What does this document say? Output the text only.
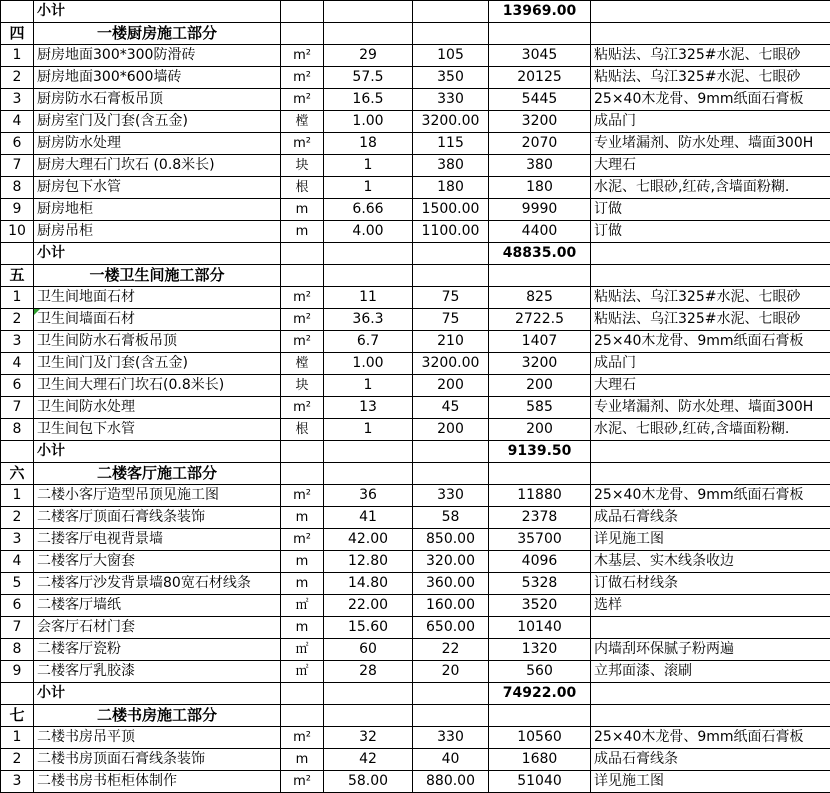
	小计				13969.00	
四	一楼厨房施工部分					
1	厨房地面300*300防滑砖	m²	29	105	3045	粘贴法、乌江325#水泥、七眼砂
2	厨房地面300*600墙砖	m²	57.5	350	20125	粘贴法、乌江325#水泥、七眼砂
3	厨房防水石膏板吊顶	m²	16.5	330	5445	25×40木龙骨、9mm纸面石膏板
4	厨房室门及门套(含五金)	樘	1.00	3200.00	3200	成品门
6	厨房防水处理	m²	18	115	2070	专业堵漏剂、防水处理、墙面300H
7	厨房大理石门坎石 (0.8米长)	块	1	380	380	大理石
8	厨房包下水管	根	1	180	180	水泥、七眼砂,红砖,含墙面粉糊.
9	厨房地柜	m	6.66	1500.00	9990	订做
10	厨房吊柜	m	4.00	1100.00	4400	订做
	小计				48835.00	
五	一楼卫生间施工部分					
1	卫生间地面石材	m²	11	75	825	粘贴法、乌江325#水泥、七眼砂
2	卫生间墙面石材	m²	36.3	75	2722.5	粘贴法、乌江325#水泥、七眼砂
3	卫生间防水石膏板吊顶	m²	6.7	210	1407	25×40木龙骨、9mm纸面石膏板
4	卫生间门及门套(含五金)	樘	1.00	3200.00	3200	成品门
6	卫生间大理石门坎石(0.8米长)	块	1	200	200	大理石
7	卫生间防水处理	m²	13	45	585	专业堵漏剂、防水处理、墙面300H
8	卫生间包下水管	根	1	200	200	水泥、七眼砂,红砖,含墙面粉糊.
	小计				9139.50	
六	二楼客厅施工部分					
1	二楼小客厅造型吊顶见施工图	m²	36	330	11880	25×40木龙骨、9mm纸面石膏板
2	二楼客厅顶面石膏线条装饰	m	41	58	2378	成品石膏线条
3	二搂客厅电视背景墙	m²	42.00	850.00	35700	详见施工图
4	二楼客厅大窗套	m	12.80	320.00	4096	木基层、实木线条收边
5	二楼客厅沙发背景墙80宽石材线条	m	14.80	360.00	5328	订做石材线条
6	二楼客厅墙纸	㎡	22.00	160.00	3520	选样
7	会客厅石材门套	m	15.60	650.00	10140	
8	二楼客厅瓷粉	㎡	60	22	1320	内墙刮环保腻子粉两遍
9	二楼客厅乳胶漆	㎡	28	20	560	立邦面漆、滚刷
	小计				74922.00	
七	二楼书房施工部分					
1	二楼书房吊平顶	m²	32	330	10560	25×40木龙骨、9mm纸面石膏板
2	二楼书房顶面石膏线条装饰	m	42	40	1680	成品石膏线条
3	二楼书房书柜柜体制作	m²	58.00	880.00	51040	详见施工图
